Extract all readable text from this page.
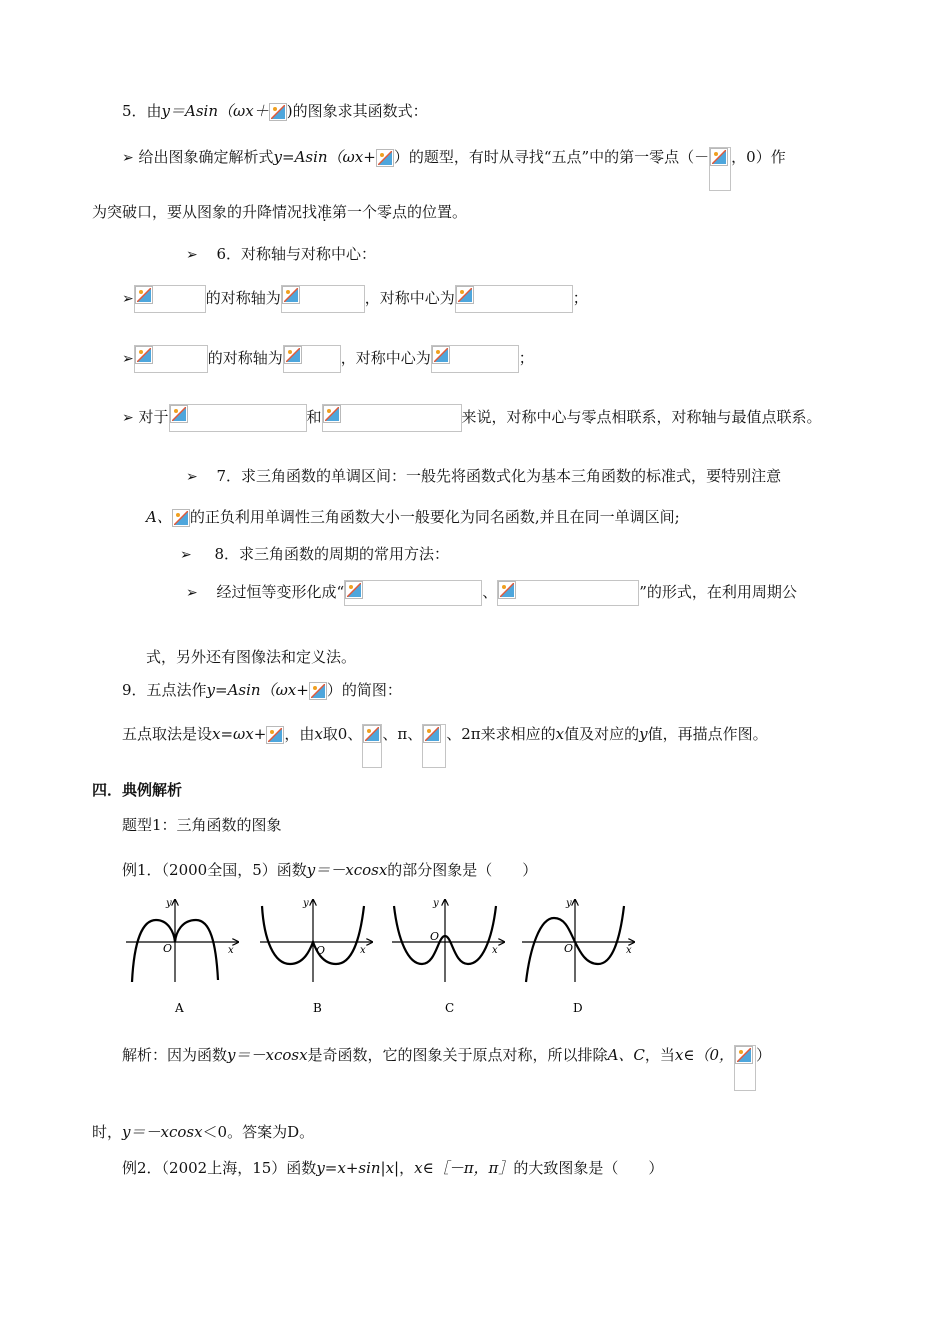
5．由y＝Asin（ωx＋ )的图象求其函数式：
➢ 给出图象确定解析式y=Asin（ωx+ ）的题型，有时从寻找“五点”中的第一零点（－ ，0）作
为突破口，要从图象的升降情况找准第一个零点的位置。
➢ 6．对称轴与对称中心：
➢	的对称轴为	，对称中心为	；
➢	的对称轴为	，对称中心为	；
➢ 对于	和	来说，对称中心与零点相联系，对称轴与最值点联系。
➢ 7．求三角函数的单调区间：一般先将函数式化为基本三角函数的标准式，要特别注意
A、 的正负利用单调性三角函数大小一般要化为同名函数,并且在同一单调区间;
➢ 8．求三角函数的周期的常用方法：
➢ 经过恒等变形化成“	、	”的形式，在利用周期公
式，另外还有图像法和定义法。
9．五点法作y=Asin（ωx+ ）的简图：
五点取法是设x=ωx+ ，由x取0、 、π、 、2π来求相应的x值及对应的y值，再描点作图。
四．典例解析
题型1：三角函数的图象
例1．（2000全国，5）函数y＝－xcosx的部分图象是（　　）
O	x
y
A
O	x
y
B
O
x
y
C
O	x
y
D
解析：因为函数y＝－xcosx是奇函数，它的图象关于原点对称，所以排除A、C，当x∈（0， ）
时，y＝－xcosx＜0。答案为D。
例2．（2002上海，15）函数y=x+sin|x|，x∈［－π，π］的大致图象是（　　）
